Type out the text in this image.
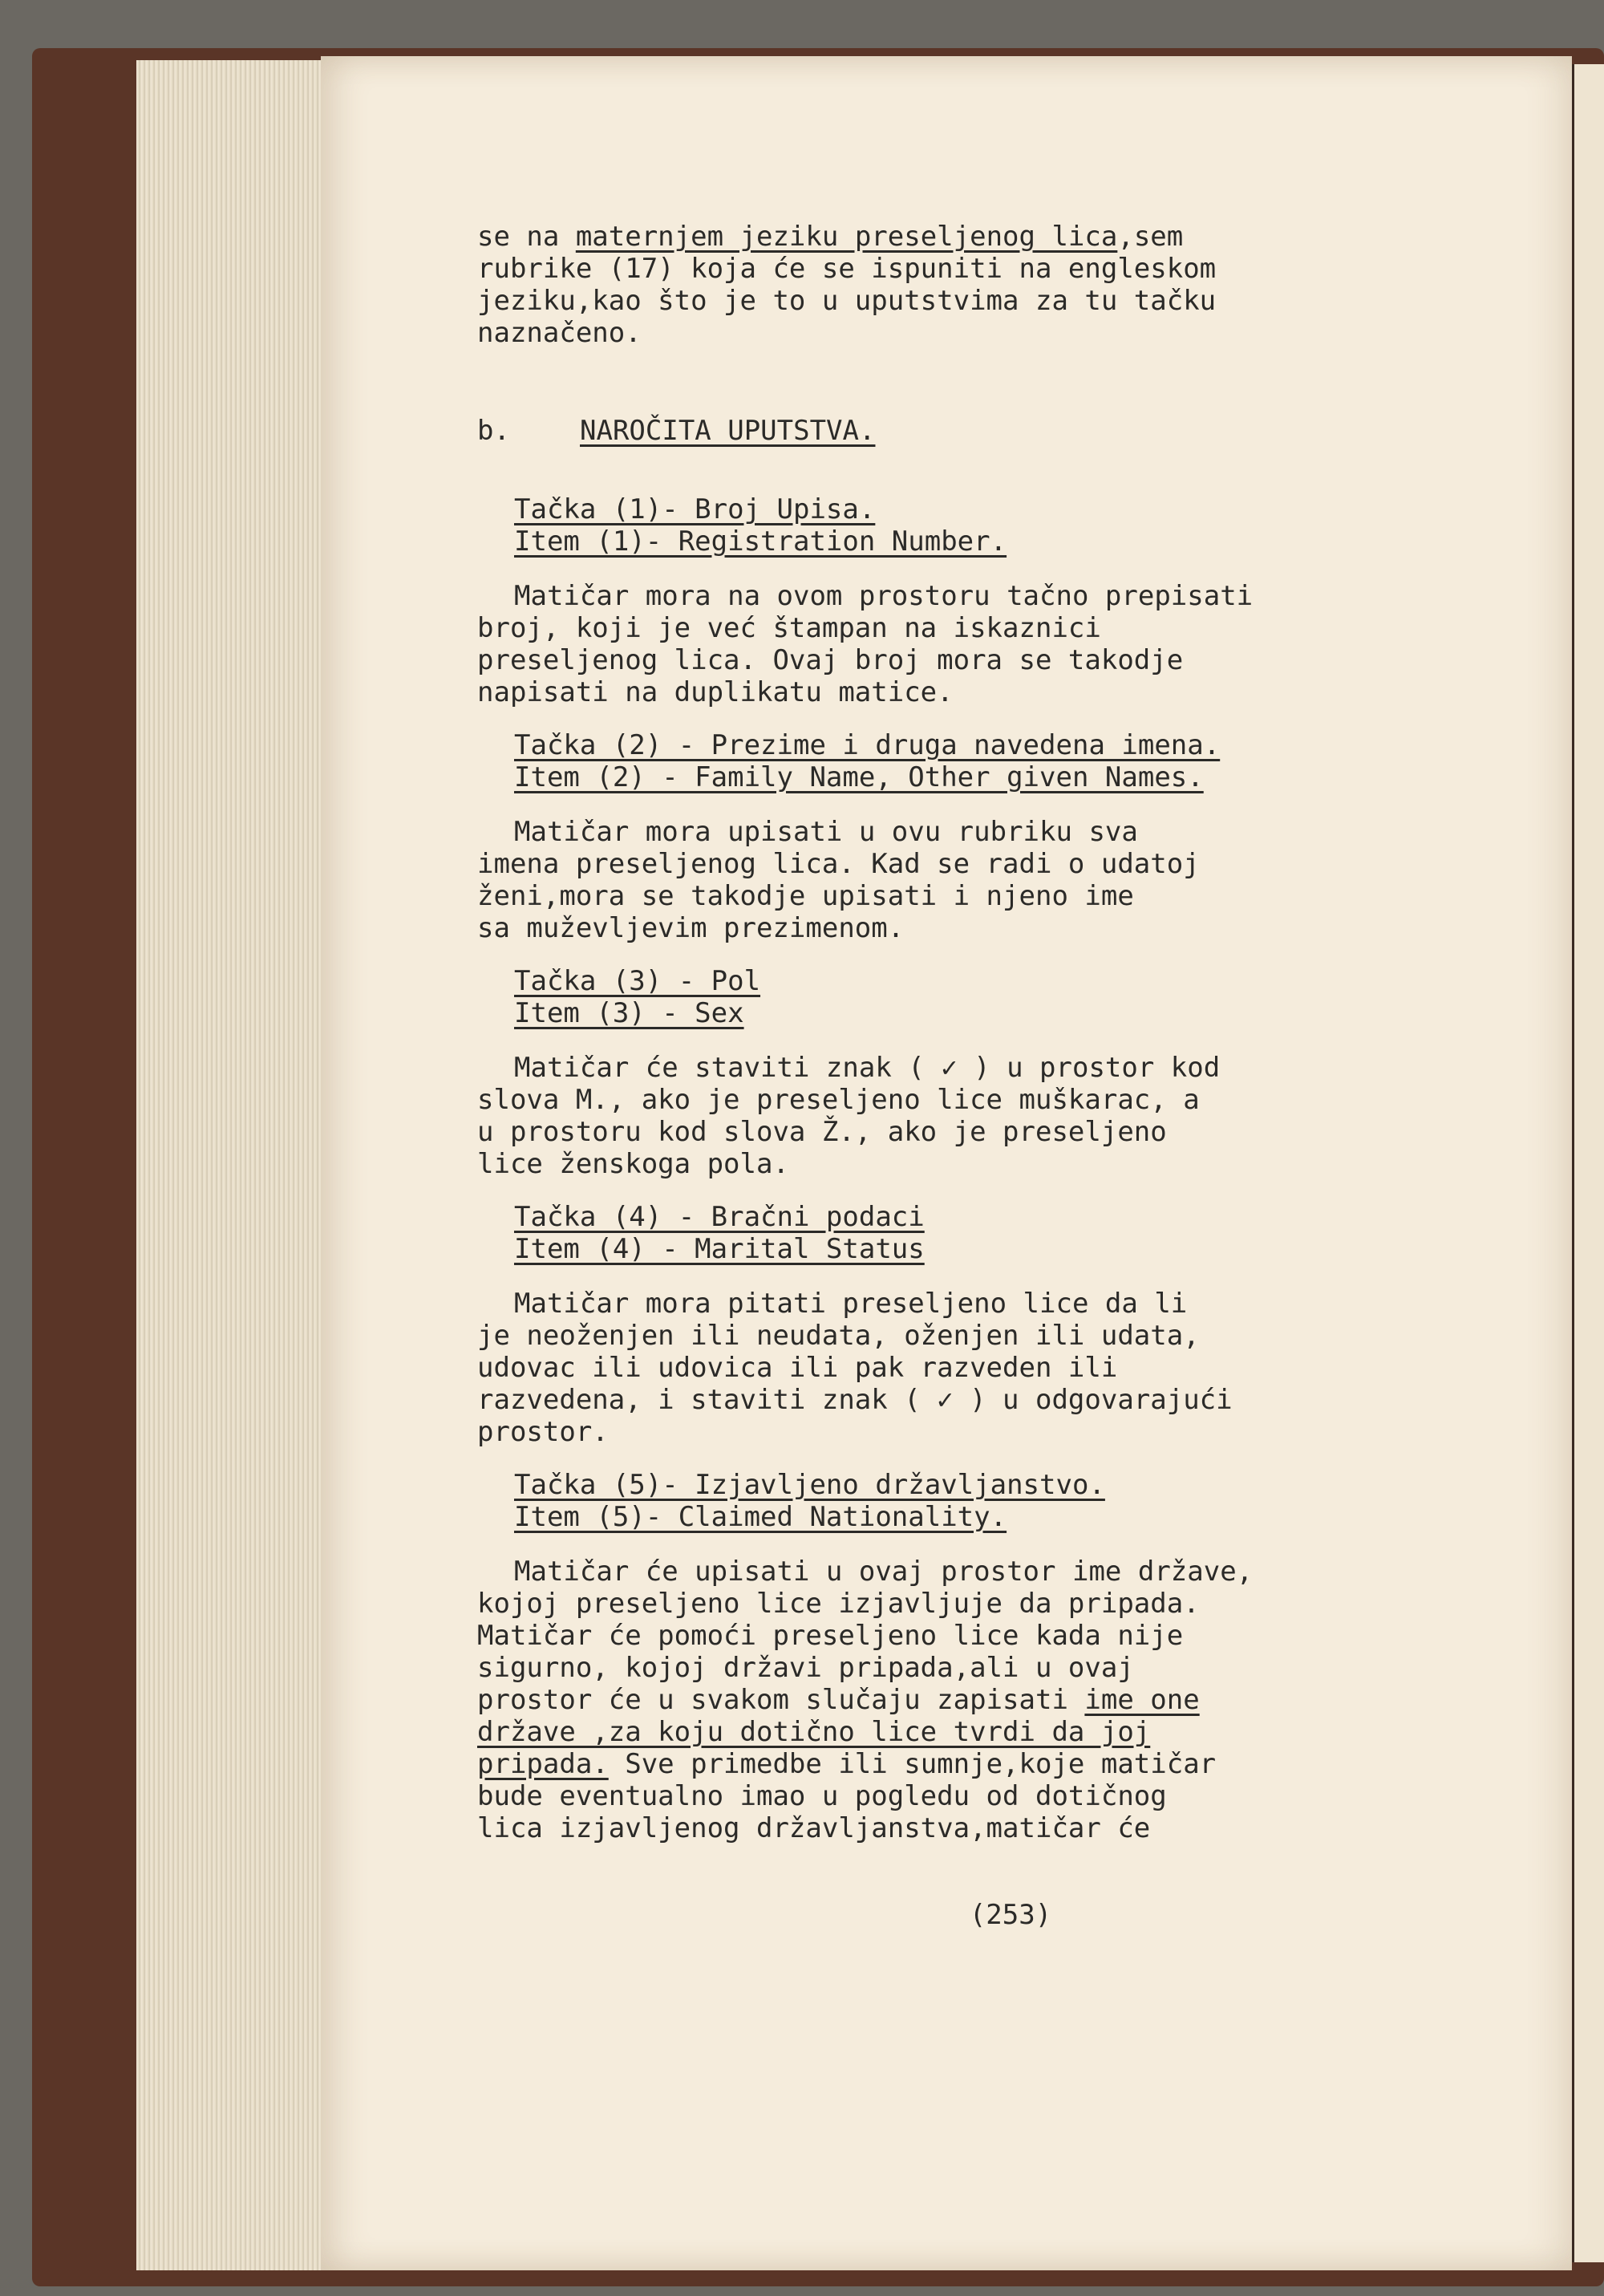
se na maternjem jeziku preseljenog lica,sem
rubrike (17) koja će se ispuniti na engleskom
jeziku,kao što je to u uputstvima za tu tačku
naznačeno.
b.	NAROČITA UPUTSTVA.
Tačka (1)- Broj Upisa.
Item (1)- Registration Number.
Matičar mora na ovom prostoru tačno prepisati
broj, koji je već štampan na iskaznici
preseljenog lica. Ovaj broj mora se takodje
napisati na duplikatu matice.
Tačka (2) - Prezime i druga navedena imena.
Item (2) - Family Name, Other given Names.
Matičar mora upisati u ovu rubriku sva
imena preseljenog lica. Kad se radi o udatoj
ženi,mora se takodje upisati i njeno ime
sa muževljevim prezimenom.
Tačka (3) - Pol
Item (3) - Sex
Matičar će staviti znak ( ✓ ) u prostor kod
slova M., ako je preseljeno lice muškarac, a
u prostoru kod slova Ž., ako je preseljeno
lice ženskoga pola.
Tačka (4) - Bračni podaci
Item (4) - Marital Status
Matičar mora pitati preseljeno lice da li
je neoženjen ili neudata, oženjen ili udata,
udovac ili udovica ili pak razveden ili
razvedena, i staviti znak ( ✓ ) u odgovarajući
prostor.
Tačka (5)- Izjavljeno državljanstvo.
Item (5)- Claimed Nationality.
Matičar će upisati u ovaj prostor ime države,
kojoj preseljeno lice izjavljuje da pripada.
Matičar će pomoći preseljeno lice kada nije
sigurno, kojoj državi pripada,ali u ovaj
prostor će u svakom slučaju zapisati ime one
države ,za koju dotično lice tvrdi da joj
pripada. Sve primedbe ili sumnje,koje matičar
bude eventualno imao u pogledu od dotičnog
lica izjavljenog državljanstva,matičar će
(253)
